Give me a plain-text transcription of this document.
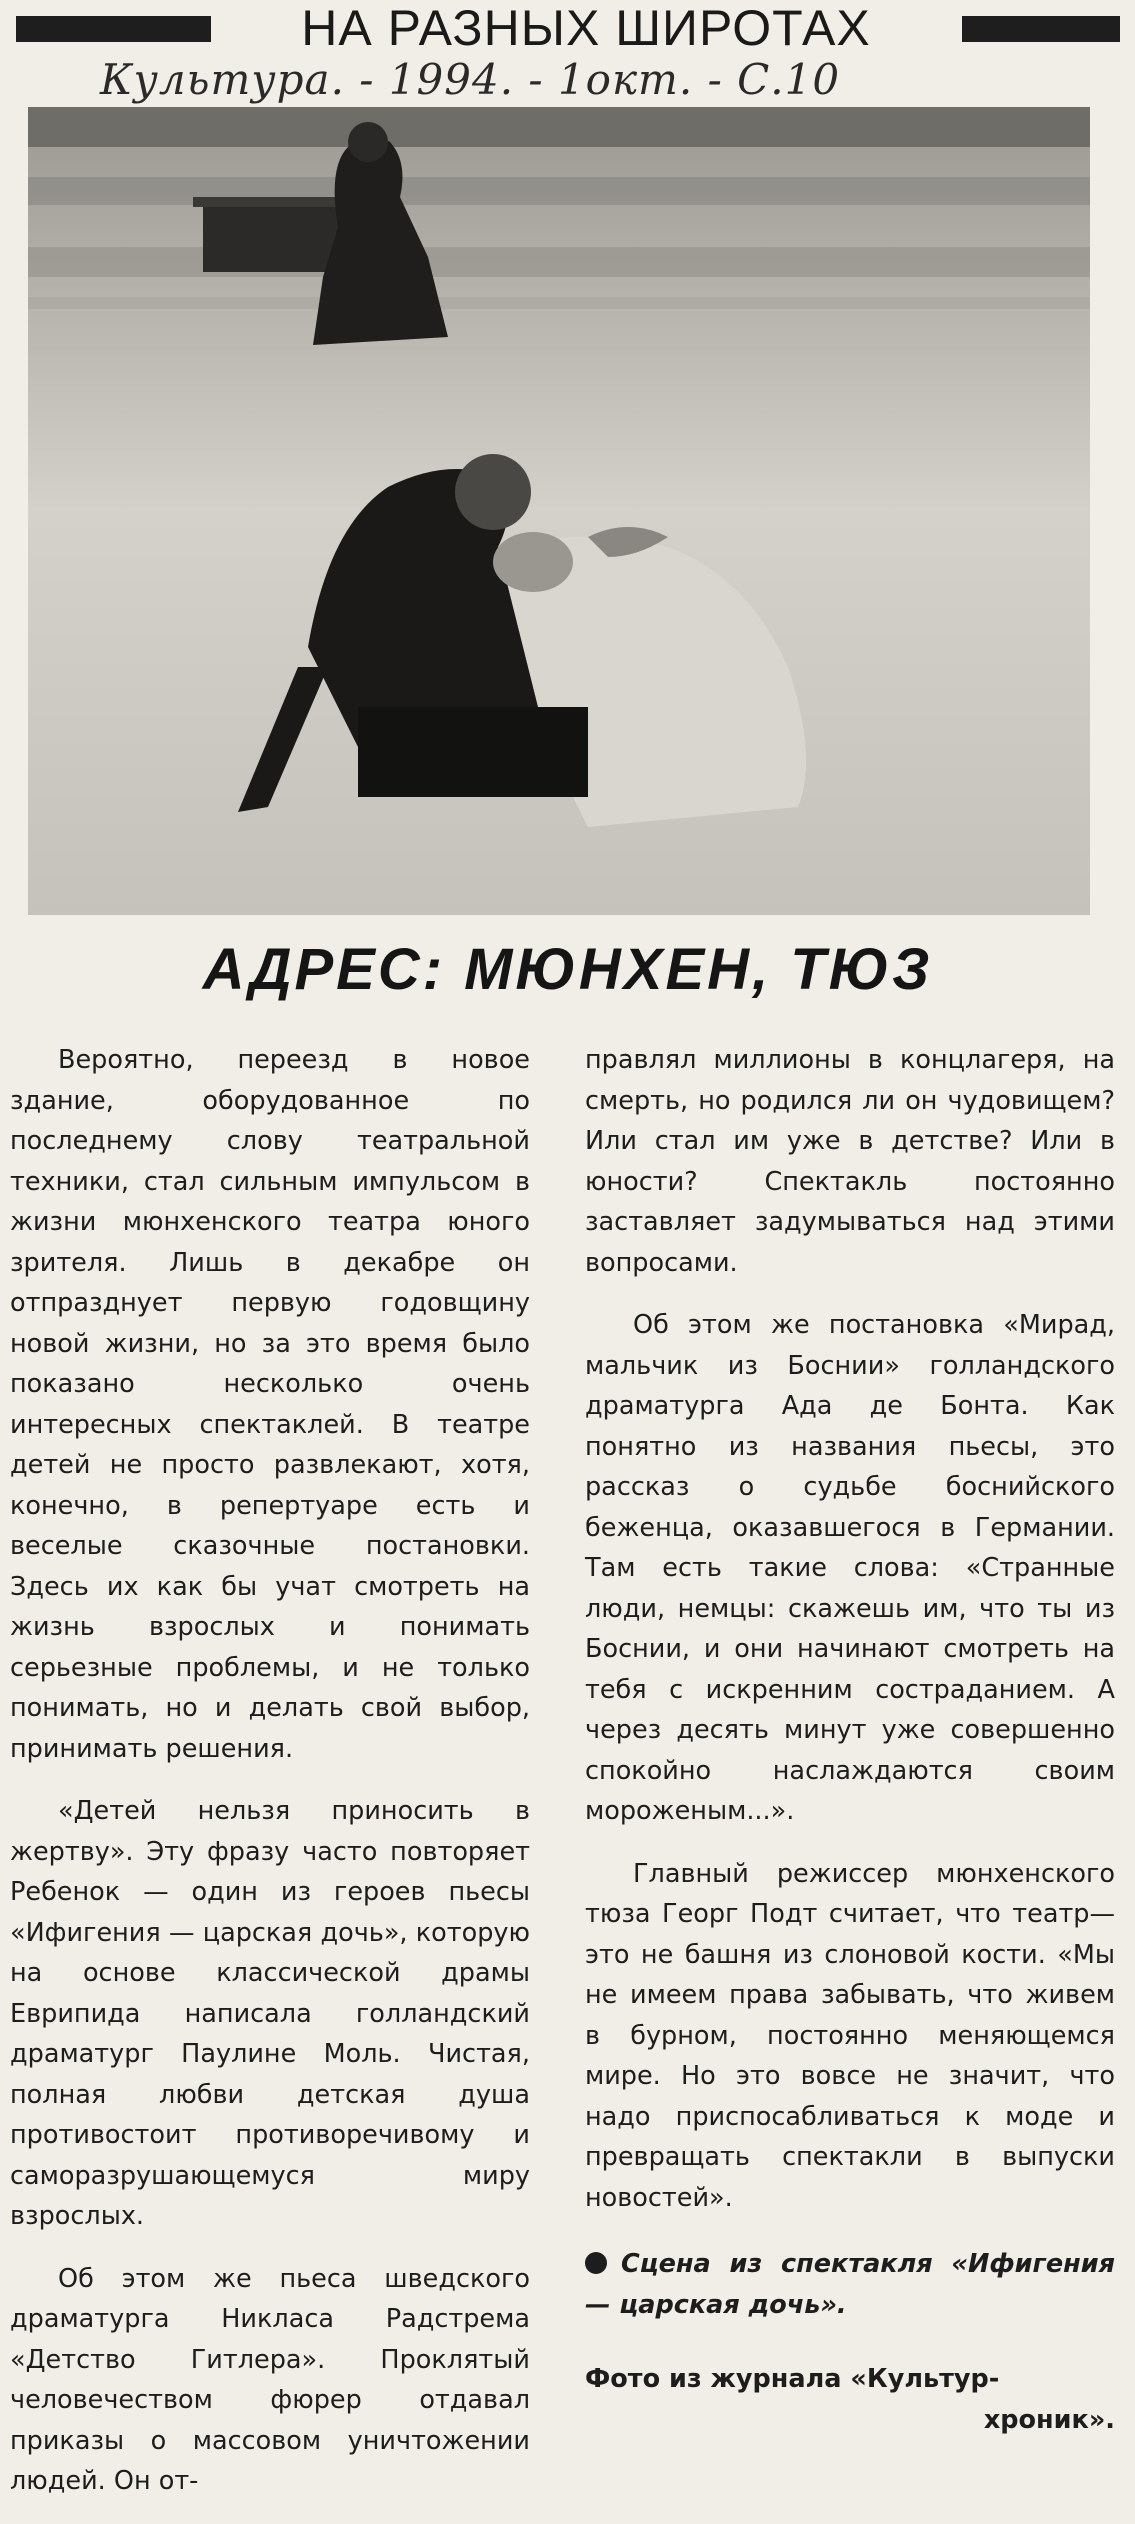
НА РАЗНЫХ ШИРОТАХ
Культура. - 1994. - 1окт. - С.10
АДРЕС: МЮНХЕН, ТЮЗ

Вероятно, переезд в новое здание, оборудованное по последнему слову театральной техники, стал сильным импульсом в жизни мюнхенского театра юного зрителя. Лишь в декабре он отпразднует первую годовщину новой жизни, но за это время было показано несколько очень интересных спектаклей. В театре детей не просто развлекают, хотя, конечно, в репертуаре есть и веселые сказочные постановки. Здесь их как бы учат смотреть на жизнь взрослых и понимать серьезные проблемы, и не только понимать, но и делать свой выбор, принимать решения.

«Детей нельзя приносить в жертву». Эту фразу часто повторяет Ребенок — один из героев пьесы «Ифигения — царская дочь», которую на основе классической драмы Еврипида написала голландский драматург Паулине Моль. Чистая, полная любви детская душа противостоит противоречивому и саморазрушающемуся миру взрослых.

Об этом же пьеса шведского драматурга Никласа Радстрема «Детство Гитлера». Проклятый человечеством фюрер отдавал приказы о массовом уничтожении людей. Он от-

правлял миллионы в концлагеря, на смерть, но родился ли он чудовищем? Или стал им уже в детстве? Или в юности? Спектакль постоянно заставляет задумываться над этими вопросами.

Об этом же постановка «Мирад, мальчик из Боснии» голландского драматурга Ада де Бонта. Как понятно из названия пьесы, это рассказ о судьбе боснийского беженца, оказавшегося в Германии. Там есть такие слова: «Странные люди, немцы: скажешь им, что ты из Боснии, и они начинают смотреть на тебя с искренним состраданием. А через десять минут уже совершенно спокойно наслаждаются своим мороженым...».

Главный режиссер мюнхенского тюза Георг Подт считает, что театр—это не башня из слоновой кости. «Мы не имеем права забывать, что живем в бурном, постоянно меняющемся мире. Но это вовсе не значит, что надо приспосабливаться к моде и превращать спектакли в выпуски новостей».

Сцена из спектакля «Ифигения — царская дочь».
Фото из журнала «Культур-
хроник».
